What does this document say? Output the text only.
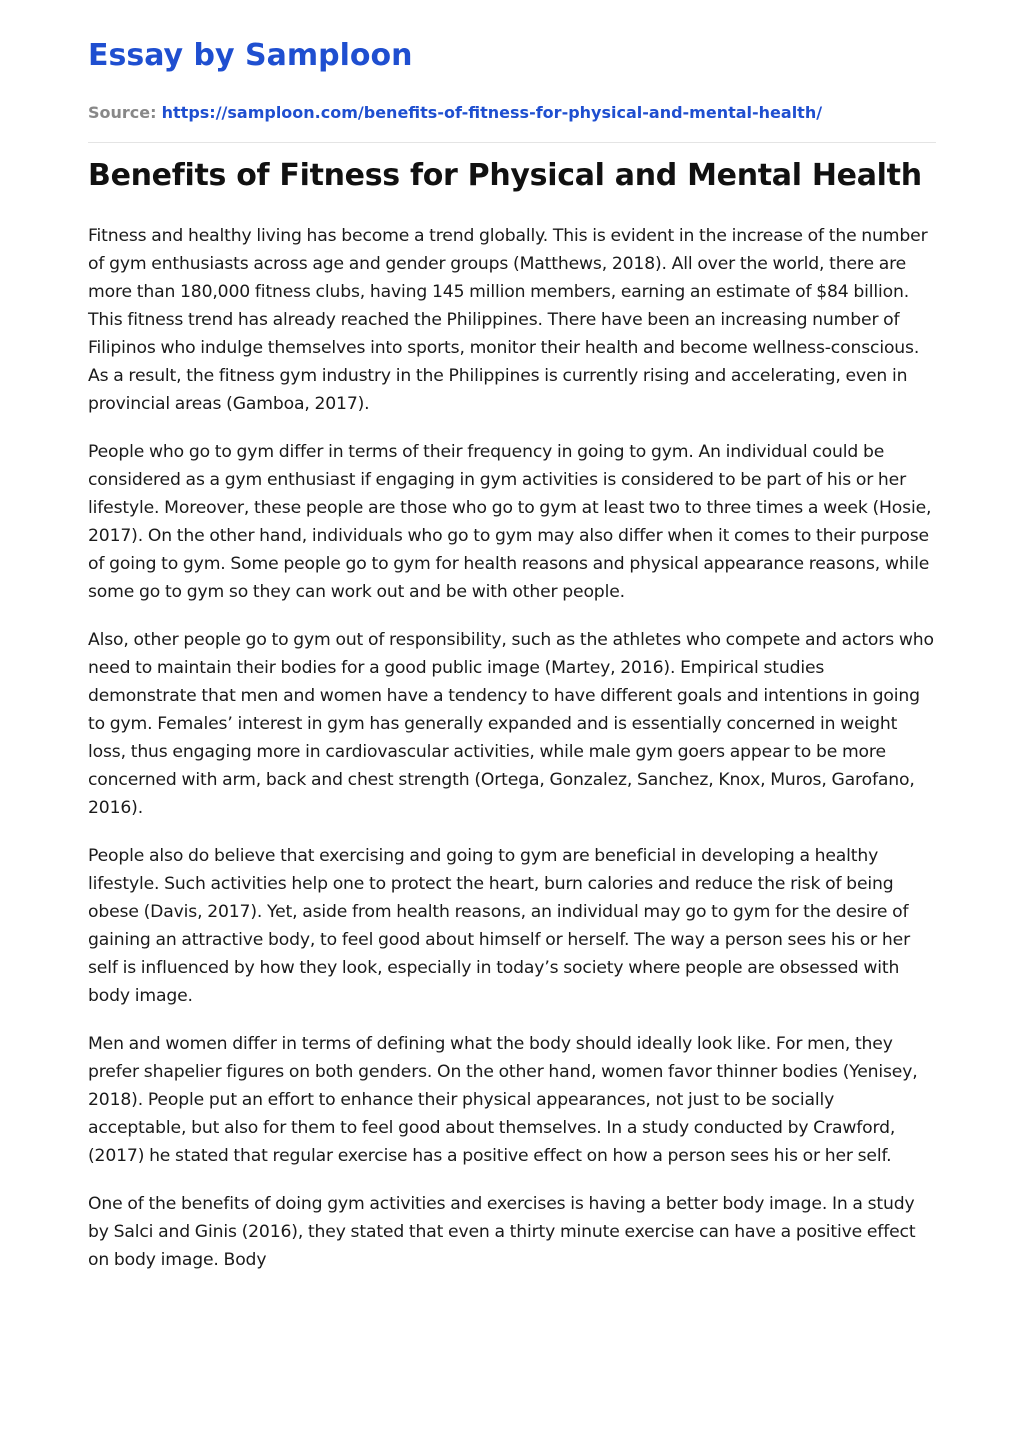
Essay by Samploon
Source: https://samploon.com/benefits-of-fitness-for-physical-and-mental-health/
Benefits of Fitness for Physical and Mental Health

Fitness and healthy living has become a trend globally. This is evident in the increase of the number of gym enthusiasts across age and gender groups (Matthews, 2018). All over the world, there are more than 180,000 fitness clubs, having 145 million members, earning an estimate of $84 billion. This fitness trend has already reached the Philippines. There have been an increasing number of Filipinos who indulge themselves into sports, monitor their health and become wellness-conscious. As a result, the fitness gym industry in the Philippines is currently rising and accelerating, even in provincial areas (Gamboa, 2017).

People who go to gym differ in terms of their frequency in going to gym. An individual could be considered as a gym enthusiast if engaging in gym activities is considered to be part of his or her lifestyle. Moreover, these people are those who go to gym at least two to three times a week (Hosie, 2017). On the other hand, individuals who go to gym may also differ when it comes to their purpose of going to gym. Some people go to gym for health reasons and physical appearance reasons, while some go to gym so they can work out and be with other people.

Also, other people go to gym out of responsibility, such as the athletes who compete and actors who need to maintain their bodies for a good public image (Martey, 2016). Empirical studies demonstrate that men and women have a tendency to have different goals and intentions in going to gym. Females’ interest in gym has generally expanded and is essentially concerned in weight loss, thus engaging more in cardiovascular activities, while male gym goers appear to be more concerned with arm, back and chest strength (Ortega, Gonzalez, Sanchez, Knox, Muros, Garofano, 2016).

People also do believe that exercising and going to gym are beneficial in developing a healthy lifestyle. Such activities help one to protect the heart, burn calories and reduce the risk of being obese (Davis, 2017). Yet, aside from health reasons, an individual may go to gym for the desire of gaining an attractive body, to feel good about himself or herself. The way a person sees his or her self is influenced by how they look, especially in today’s society where people are obsessed with body image.

Men and women differ in terms of defining what the body should ideally look like. For men, they prefer shapelier figures on both genders. On the other hand, women favor thinner bodies (Yenisey, 2018). People put an effort to enhance their physical appearances, not just to be socially acceptable, but also for them to feel good about themselves. In a study conducted by Crawford, (2017) he stated that regular exercise has a positive effect on how a person sees his or her self.

One of the benefits of doing gym activities and exercises is having a better body image. In a study by Salci and Ginis (2016), they stated that even a thirty minute exercise can have a positive effect on body image. Body
